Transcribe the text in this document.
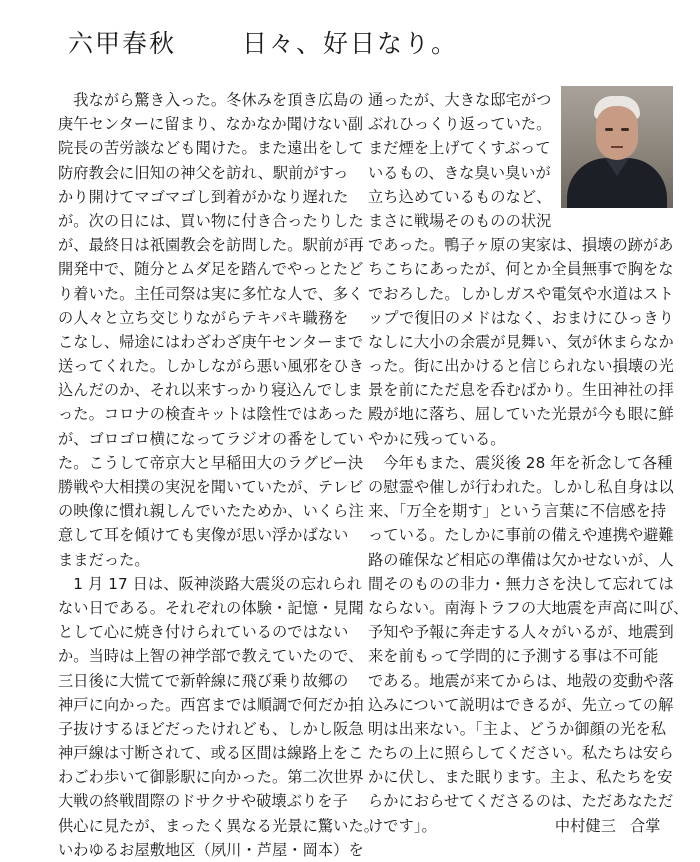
六甲春秋	日々、好日なり。
　我ながら驚き入った。冬休みを頂き広島の
庚午センターに留まり、なかなか聞けない副
院長の苦労談なども聞けた。また遠出をして
防府教会に旧知の神父を訪れ、駅前がすっ
かり開けてマゴマゴし到着がかなり遅れた
が。次の日には、買い物に付き合ったりした
が、最終日は祇園教会を訪問した。駅前が再
開発中で、随分とムダ足を踏んでやっとたど
り着いた。主任司祭は実に多忙な人で、多く
の人々と立ち交じりながらテキパキ職務を
こなし、帰途にはわざわざ庚午センターまで
送ってくれた。しかしながら悪い風邪をひき
込んだのか、それ以来すっかり寝込んでしま
った。コロナの検査キットは陰性ではあった
が、ゴロゴロ横になってラジオの番をしてい
た。こうして帝京大と早稲田大のラグビー決
勝戦や大相撲の実況を聞いていたが、テレビ
の映像に慣れ親しんでいたためか、いくら注
意して耳を傾けても実像が思い浮かばない
ままだった。
　1 月 17 日は、阪神淡路大震災の忘れられ
ない日である。それぞれの体験・記憶・見聞
として心に焼き付けられているのではない
か。当時は上智の神学部で教えていたので、
三日後に大慌てで新幹線に飛び乗り故郷の
神戸に向かった。西宮までは順調で何だか拍
子抜けするほどだったけれども、しかし阪急
神戸線は寸断されて、或る区間は線路上をこ
わごわ歩いて御影駅に向かった。第二次世界
大戦の終戦間際のドサクサや破壊ぶりを子
供心に見たが、まったく異なる光景に驚いた。
いわゆるお屋敷地区（夙川・芦屋・岡本）を
通ったが、大きな邸宅がつ
ぶれひっくり返っていた。
まだ煙を上げてくすぶって
いるもの、きな臭い臭いが
立ち込めているものなど、
まさに戦場そのものの状況
であった。鴨子ヶ原の実家は、損壊の跡があ
ちこちにあったが、何とか全員無事で胸をな
でおろした。しかしガスや電気や水道はスト
ップで復旧のメドはなく、おまけにひっきり
なしに大小の余震が見舞い、気が休まらなか
った。街に出かけると信じられない損壊の光
景を前にただ息を呑むばかり。生田神社の拝
殿が地に落ち、屈していた光景が今も眼に鮮
やかに残っている。
　今年もまた、震災後 28 年を祈念して各種
の慰霊や催しが行われた。しかし私自身は以
来、「万全を期す」という言葉に不信感を持
っている。たしかに事前の備えや連携や避難
路の確保など相応の準備は欠かせないが、人
間そのものの非力・無力さを決して忘れては
ならない。南海トラフの大地震を声高に叫び、
予知や予報に奔走する人々がいるが、地震到
来を前もって学問的に予測する事は不可能
である。地震が来てからは、地殻の変動や落
込みについて説明はできるが、先立っての解
明は出来ない。「主よ、どうか御顔の光を私
たちの上に照らしてください。私たちは安ら
かに伏し、また眠ります。主よ、私たちを安
らかにおらせてくださるのは、ただあなただ
けです」。	中村健三 合掌
